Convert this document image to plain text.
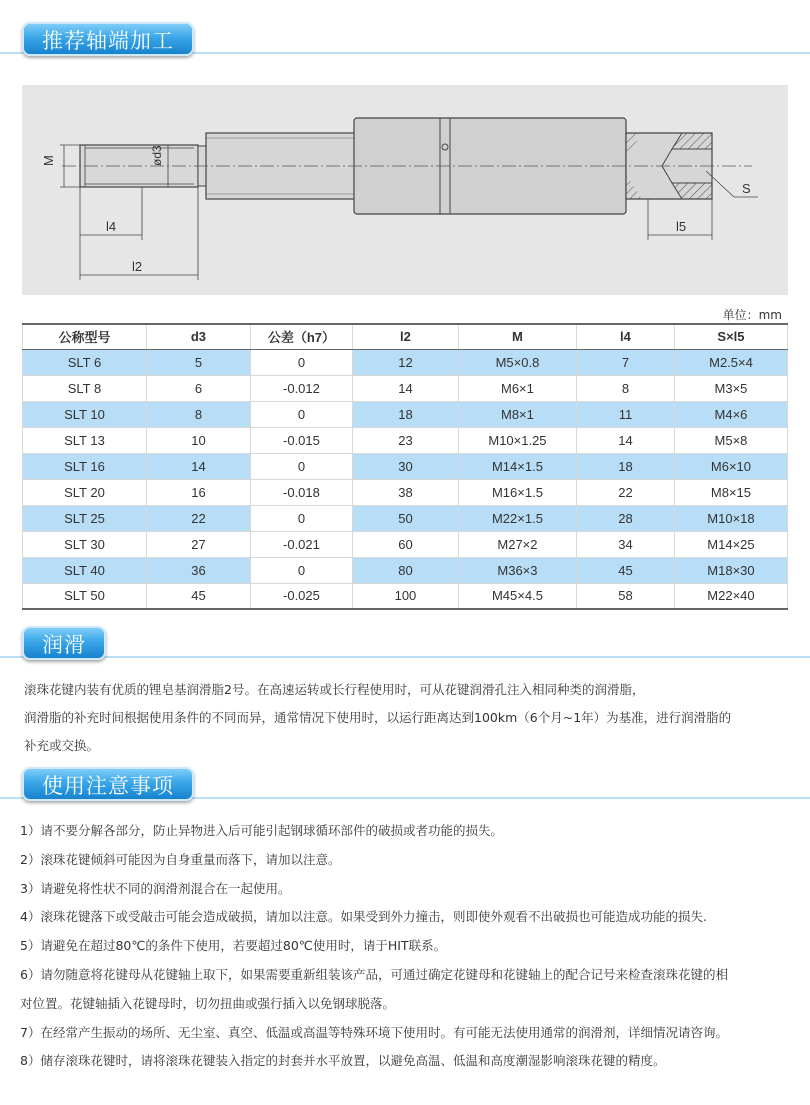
推荐轴端加工
M	ød3
l4
l2
l5
S
单位：mm
公称型号	d3	公差（h7）	l2	M	l4	S×l5
SLT 6	5	0	12	M5×0.8	7	M2.5×4
SLT 8	6	-0.012	14	M6×1	8	M3×5
SLT 10	8	0	18	M8×1	11	M4×6
SLT 13	10	-0.015	23	M10×1.25	14	M5×8
SLT 16	14	0	30	M14×1.5	18	M6×10
SLT 20	16	-0.018	38	M16×1.5	22	M8×15
SLT 25	22	0	50	M22×1.5	28	M10×18
SLT 30	27	-0.021	60	M27×2	34	M14×25
SLT 40	36	0	80	M36×3	45	M18×30
SLT 50	45	-0.025	100	M45×4.5	58	M22×40
润滑
滚珠花键内装有优质的锂皂基润滑脂2号。在高速运转或长行程使用时，可从花键润滑孔注入相同种类的润滑脂，
润滑脂的补充时间根据使用条件的不同而异，通常情况下使用时，以运行距离达到100km（6个月~1年）为基准，进行润滑脂的
补充或交换。
使用注意事项
1）请不要分解各部分，防止异物进入后可能引起钢球循环部件的破损或者功能的损失。
2）滚珠花键倾斜可能因为自身重量而落下，请加以注意。
3）请避免将性状不同的润滑剂混合在一起使用。
4）滚珠花键落下或受敲击可能会造成破损，请加以注意。如果受到外力撞击，则即使外观看不出破损也可能造成功能的损失.
5）请避免在超过80℃的条件下使用，若要超过80℃使用时，请于HIT联系。
6）请勿随意将花键母从花键轴上取下，如果需要重新组装该产品，可通过确定花键母和花键轴上的配合记号来检查滚珠花键的相
对位置。花键轴插入花键母时，切勿扭曲或强行插入以免钢球脱落。
7）在经常产生振动的场所、无尘室、真空、低温或高温等特殊环境下使用时。有可能无法使用通常的润滑剂，详细情况请咨询。
8）储存滚珠花键时，请将滚珠花键装入指定的封套并水平放置，以避免高温、低温和高度潮湿影响滚珠花键的精度。
